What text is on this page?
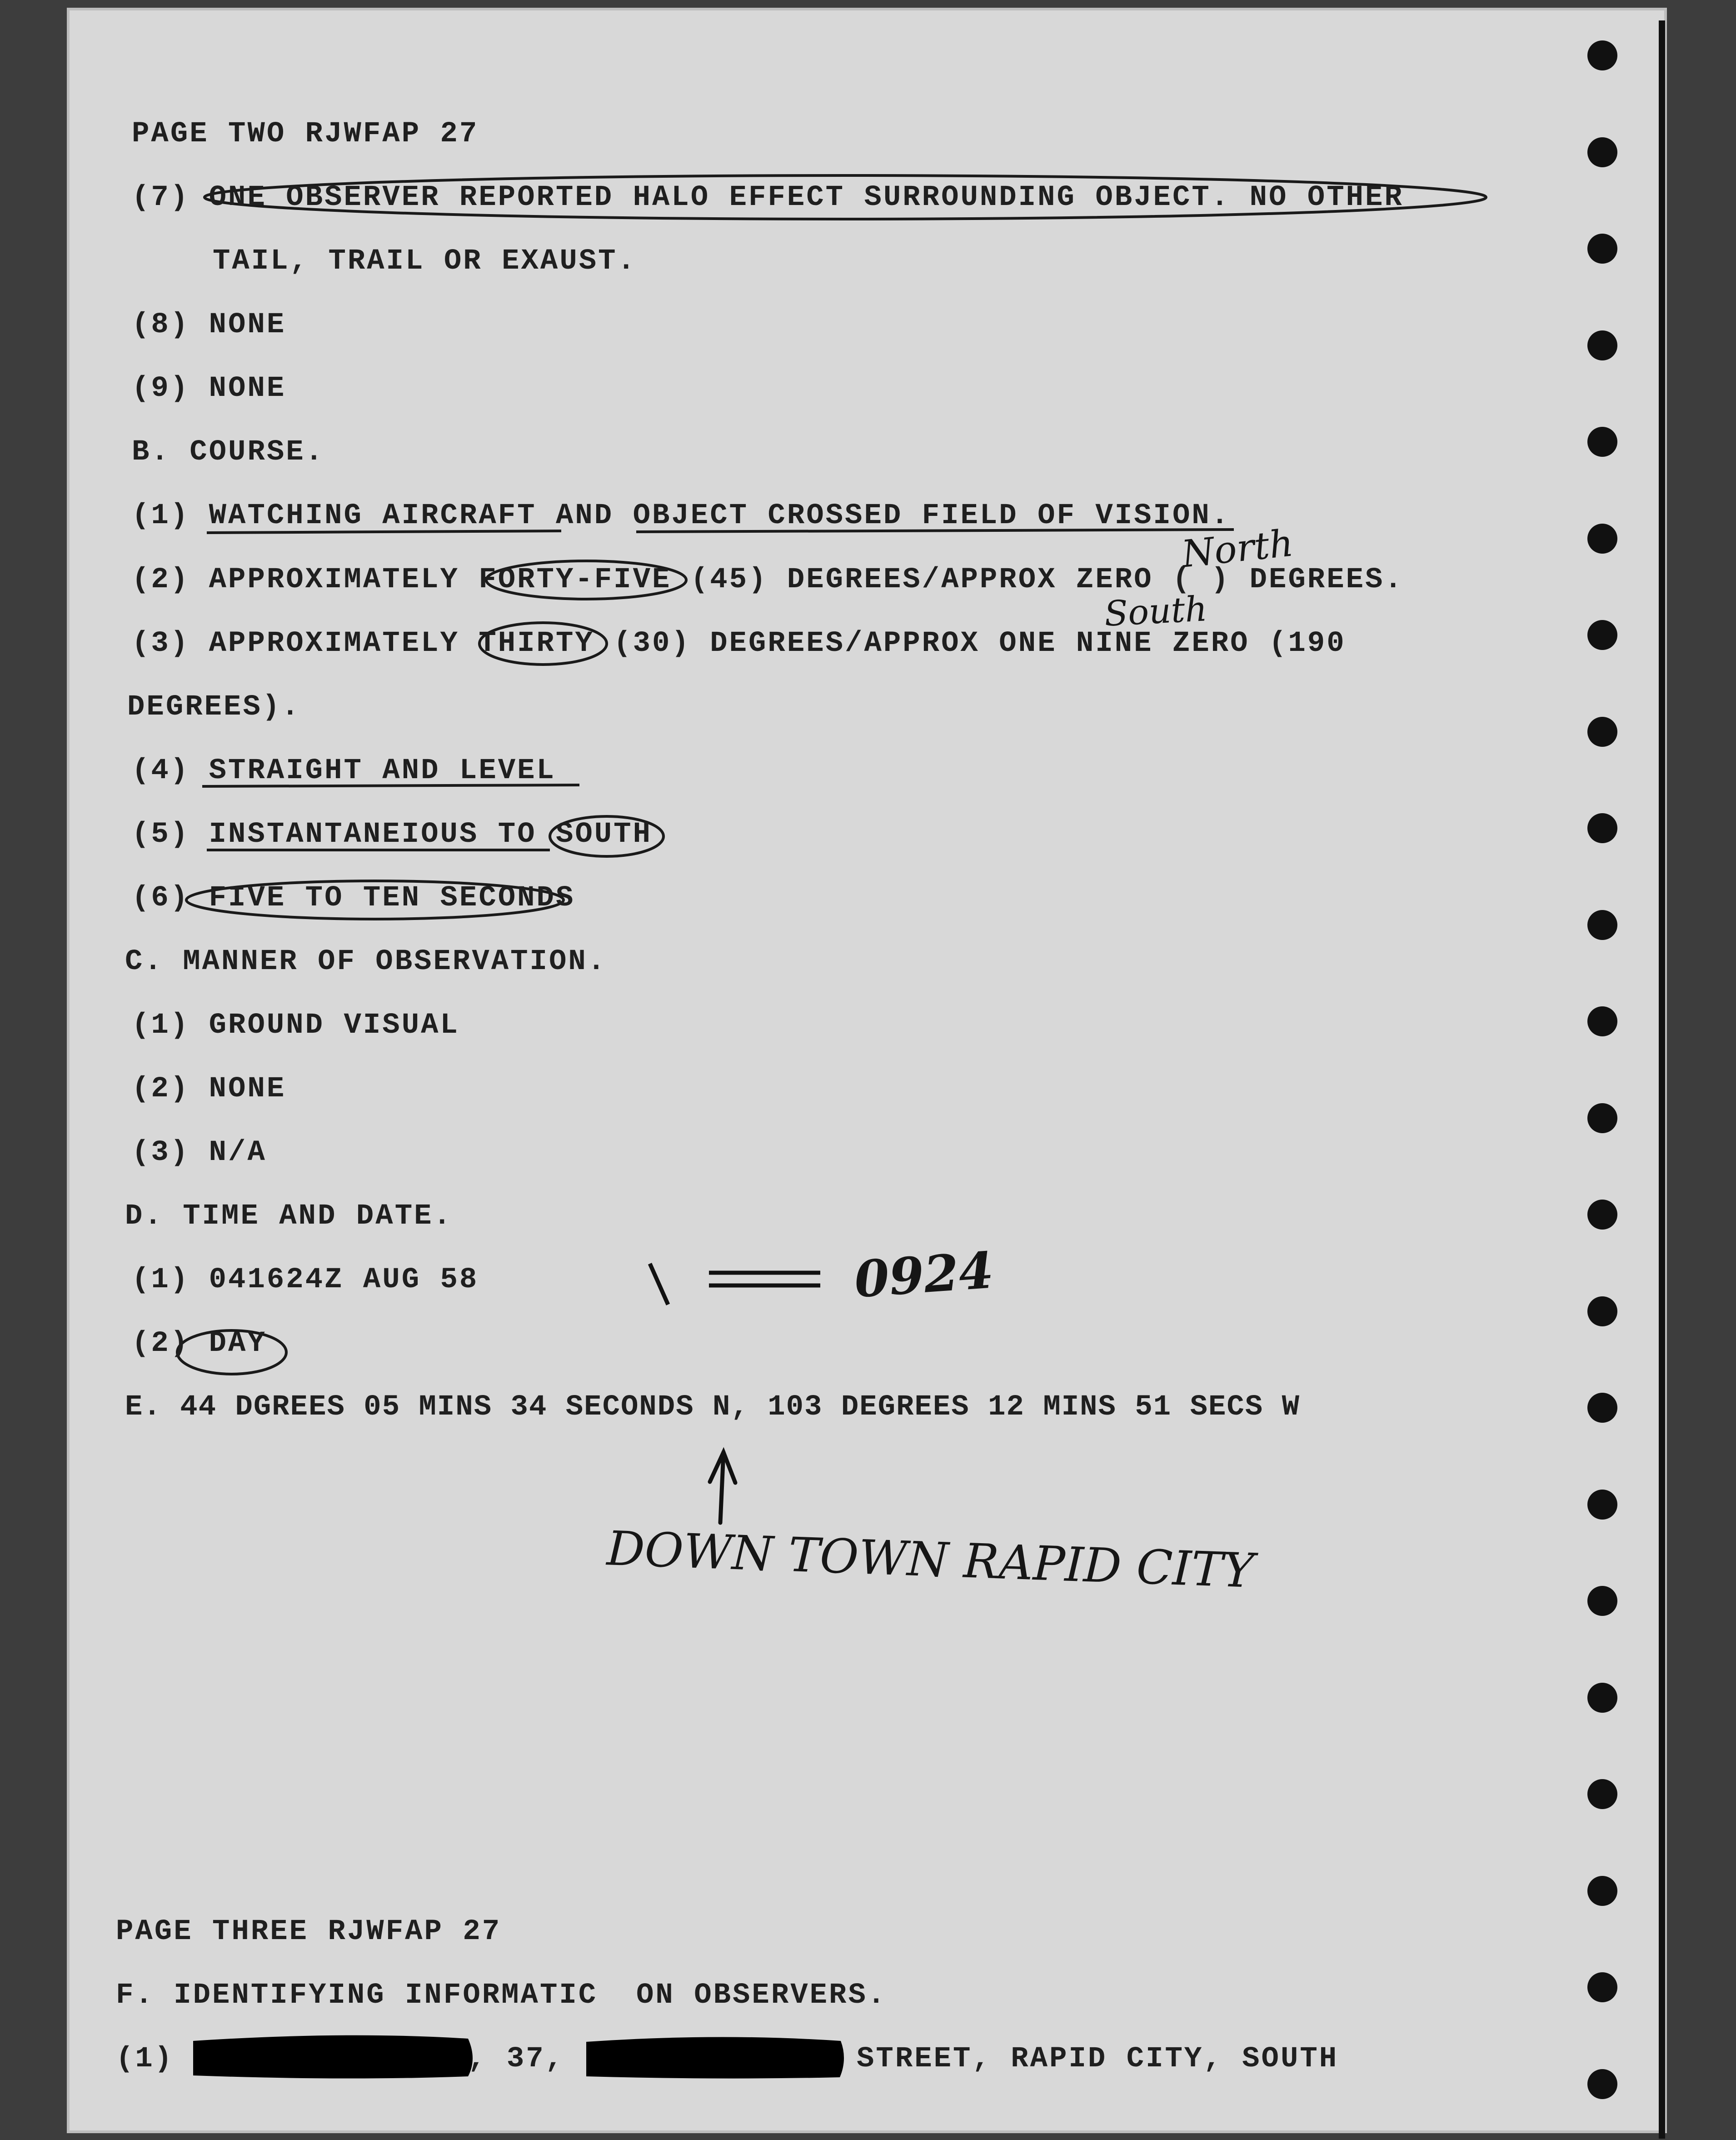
PAGE TWO RJWFAP 27
(7) ONE OBSERVER REPORTED HALO EFFECT SURROUNDING OBJECT. NO OTHER
TAIL, TRAIL OR EXAUST.
(8) NONE
(9) NONE
B. COURSE.
(1) WATCHING AIRCRAFT AND OBJECT CROSSED FIELD OF VISION.
(2) APPROXIMATELY FORTY-FIVE (45) DEGREES/APPROX ZERO ( ) DEGREES.
(3) APPROXIMATELY THIRTY (30) DEGREES/APPROX ONE NINE ZERO (190
DEGREES).
(4) STRAIGHT AND LEVEL
(5) INSTANTANEIOUS TO SOUTH
(6) FIVE TO TEN SECONDS
C. MANNER OF OBSERVATION.
(1) GROUND VISUAL
(2) NONE
(3) N/A
D. TIME AND DATE.
(1) 041624Z AUG 58
(2) DAY
E. 44 DGREES 05 MINS 34 SECONDS N, 103 DEGREES 12 MINS 51 SECS W
PAGE THREE RJWFAP 27
F. IDENTIFYING INFORMATIC  ON OBSERVERS.
(1)	, 37,	STREET, RAPID CITY, SOUTH
North
South
0924
DOWN TOWN RAPID CITY
